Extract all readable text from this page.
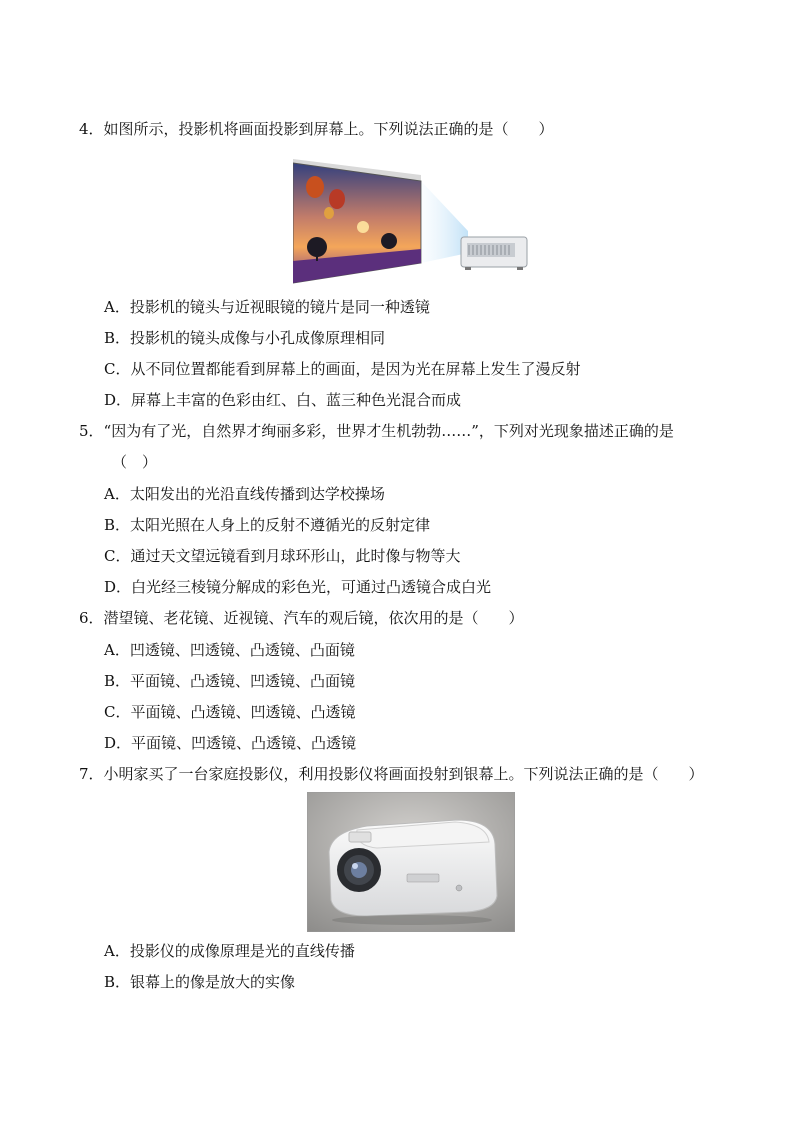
4．如图所示，投影机将画面投影到屏幕上。下列说法正确的是（　　）
A．投影机的镜头与近视眼镜的镜片是同一种透镜
B．投影机的镜头成像与小孔成像原理相同
C．从不同位置都能看到屏幕上的画面，是因为光在屏幕上发生了漫反射
D．屏幕上丰富的色彩由红、白、蓝三种色光混合而成
5．“因为有了光，自然界才绚丽多彩，世界才生机勃勃……”，下列对光现象描述正确的是
（　）
A．太阳发出的光沿直线传播到达学校操场
B．太阳光照在人身上的反射不遵循光的反射定律
C．通过天文望远镜看到月球环形山，此时像与物等大
D．白光经三棱镜分解成的彩色光，可通过凸透镜合成白光
6．潜望镜、老花镜、近视镜、汽车的观后镜，依次用的是（　　）
A．凹透镜、凹透镜、凸透镜、凸面镜
B．平面镜、凸透镜、凹透镜、凸面镜
C．平面镜、凸透镜、凹透镜、凸透镜
D．平面镜、凹透镜、凸透镜、凸透镜
7．小明家买了一台家庭投影仪，利用投影仪将画面投射到银幕上。下列说法正确的是（　　）
A．投影仪的成像原理是光的直线传播
B．银幕上的像是放大的实像
